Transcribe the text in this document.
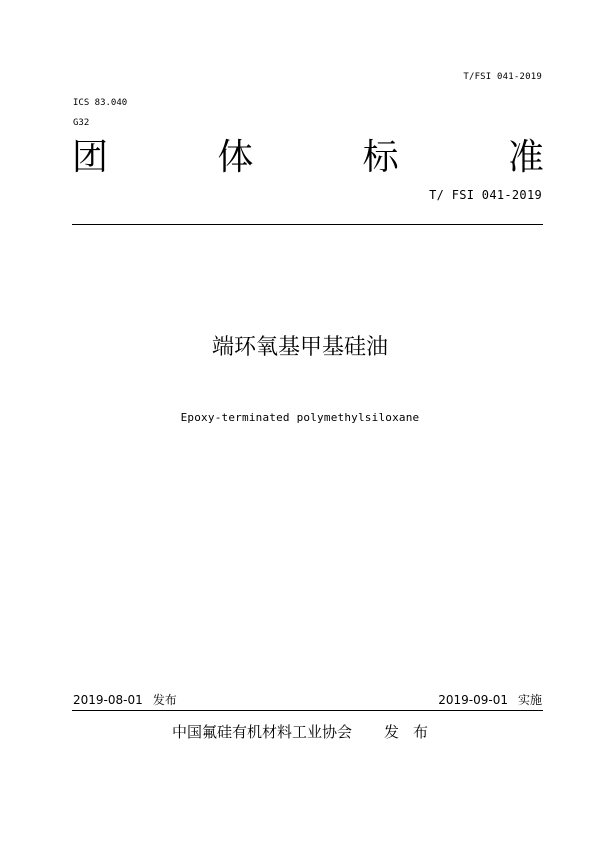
T/FSI 041-2019
ICS 83.040
G32
团	体	标	准
T/ FSI 041-2019
端环氧基甲基硅油
Epoxy-terminated polymethylsiloxane
2019-08-01 发布	2019-09-01 实施
中国氟硅有机材料工业协会 发布
